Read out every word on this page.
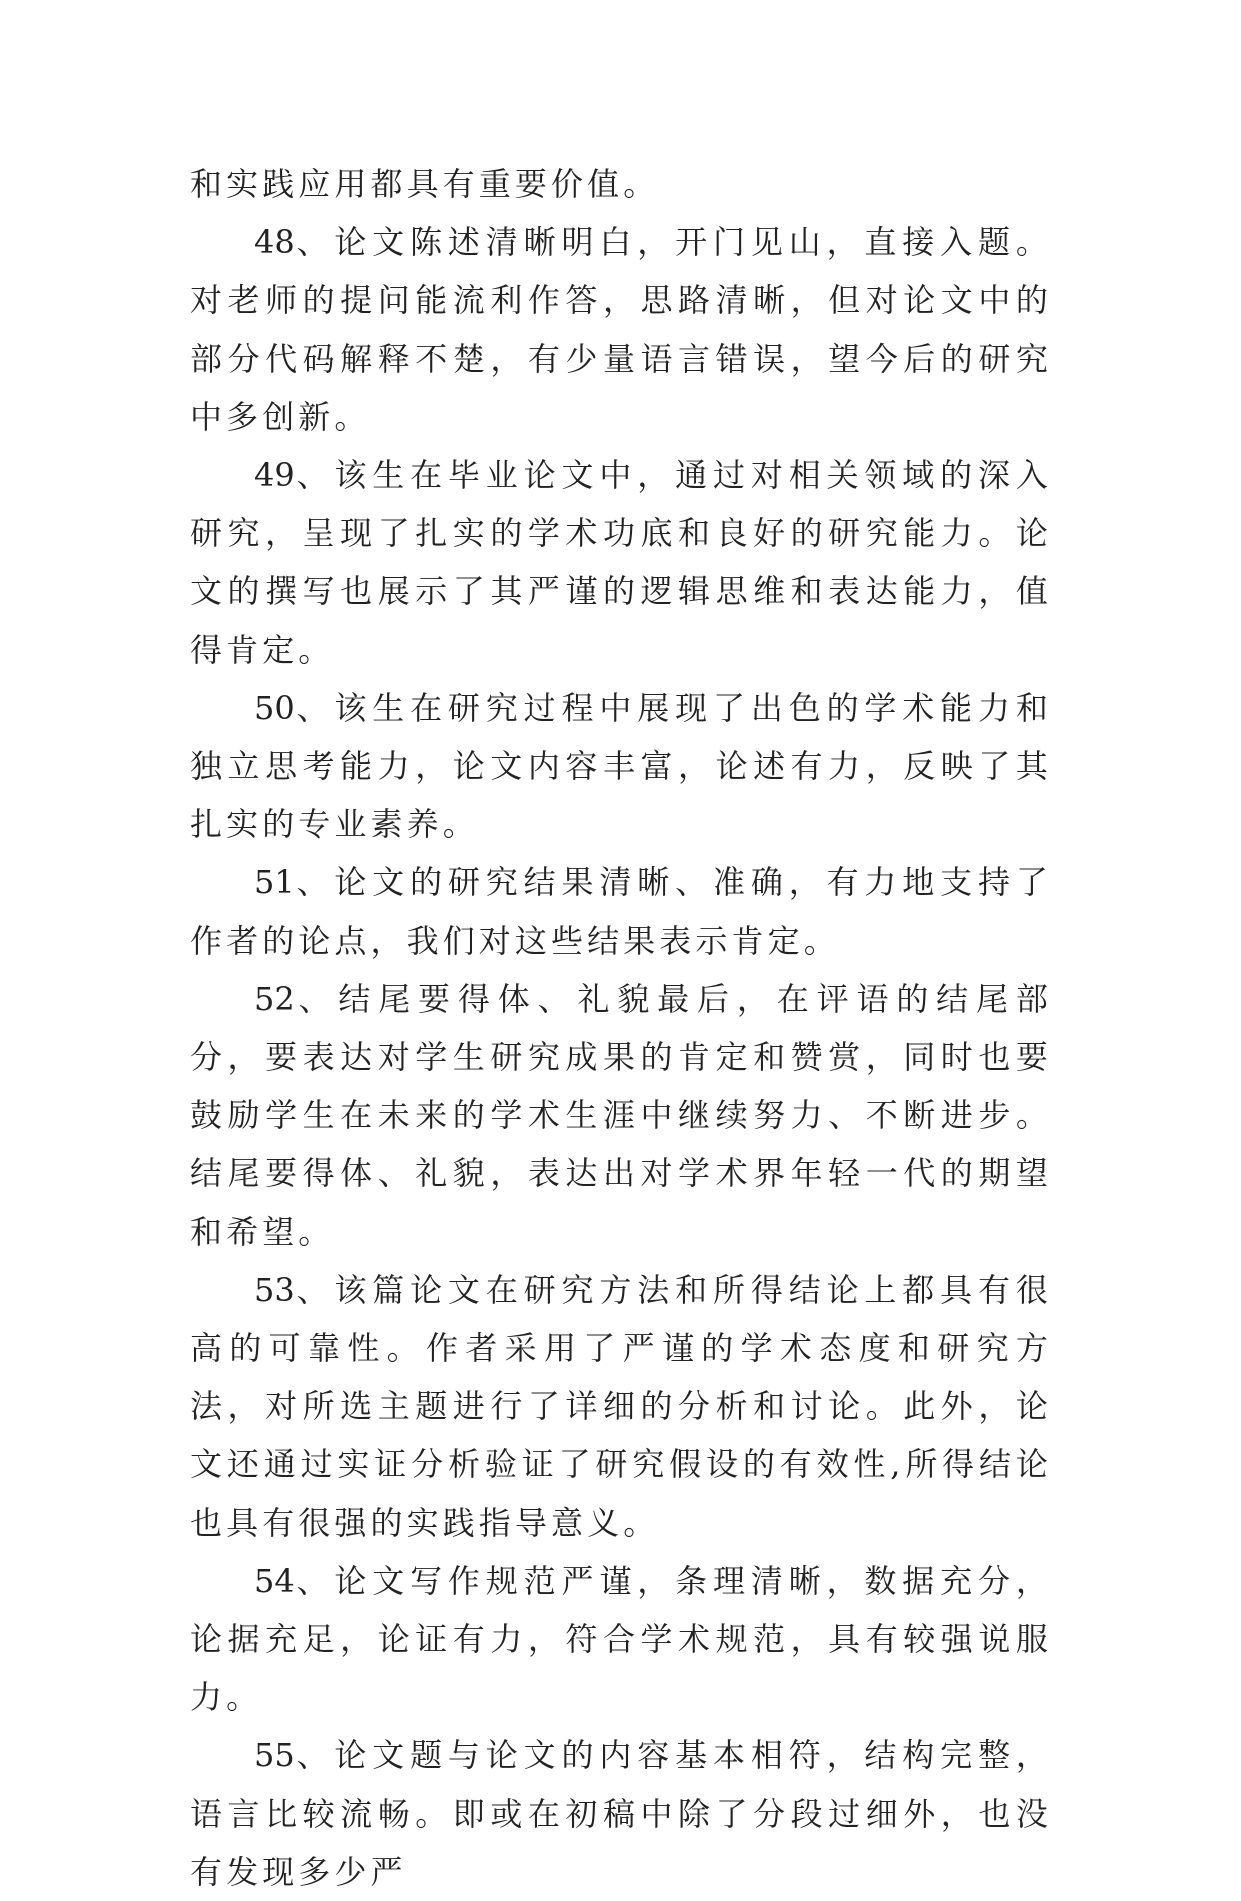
和实践应用都具有重要价值。

48、论文陈述清晰明白，开门见山，直接入题。对老师的提问能流利作答，思路清晰，但对论文中的部分代码解释不楚，有少量语言错误，望今后的研究中多创新。

49、该生在毕业论文中，通过对相关领域的深入研究，呈现了扎实的学术功底和良好的研究能力。论文的撰写也展示了其严谨的逻辑思维和表达能力，值得肯定。

50、该生在研究过程中展现了出色的学术能力和独立思考能力，论文内容丰富，论述有力，反映了其扎实的专业素养。

51、论文的研究结果清晰、准确，有力地支持了作者的论点，我们对这些结果表示肯定。

52、结尾要得体、礼貌最后，在评语的结尾部分，要表达对学生研究成果的肯定和赞赏，同时也要鼓励学生在未来的学术生涯中继续努力、不断进步。结尾要得体、礼貌，表达出对学术界年轻一代的期望和希望。

53、该篇论文在研究方法和所得结论上都具有很高的可靠性。作者采用了严谨的学术态度和研究方法，对所选主题进行了详细的分析和讨论。此外，论文还通过实证分析验证了研究假设的有效性,所得结论也具有很强的实践指导意义。

54、论文写作规范严谨，条理清晰，数据充分，论据充足，论证有力，符合学术规范，具有较强说服力。

55、论文题与论文的内容基本相符，结构完整，语言比较流畅。即或在初稿中除了分段过细外，也没有发现多少严
